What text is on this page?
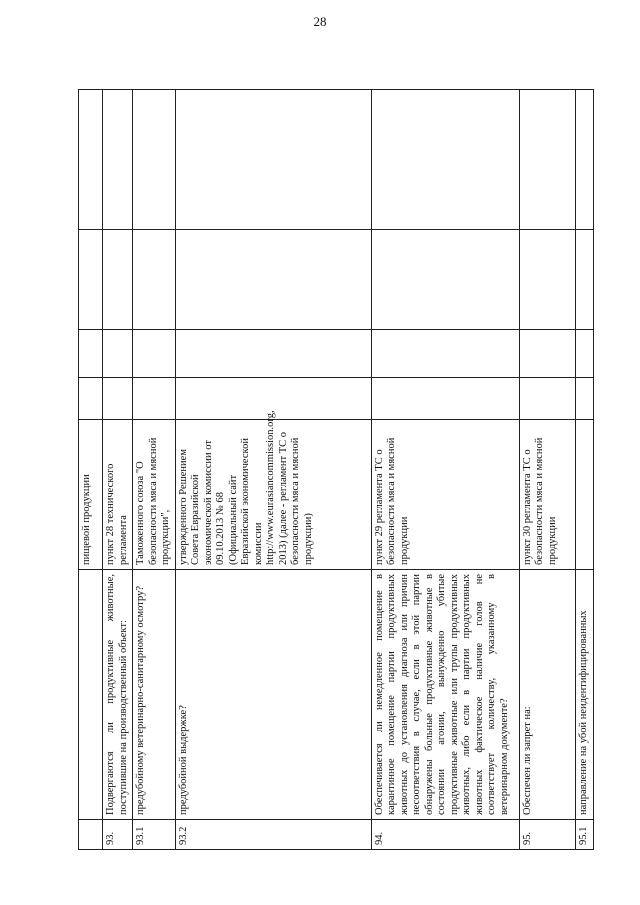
28
		пищевой продукции				
93.	Подвергаются ли продуктивные животные, поступившие на производственный объект:	пункт 28 технического регламента				
93.1	предубойному ветеринарно-санитарному осмотру?	Таможенного союза "О безопасности мяса и мясной продукции",				
93.2	предубойной выдержке?	утвержденного Решением Совета Евразийской экономической комиссии от 09.10.2013 № 68 (Официальный сайт Евразийской экономической комиссии http://www.eurasiancommission.org, 2013) (далее - регламент ТС о безопасности мяса и мясной продукции)				
94.	Обеспечивается ли немедленное помещение в карантинное помещение партии продуктивных животных до установления диагноза или причин несоответствия в случае, если в этой партии обнаружены больные продуктивные животные в состоянии агонии, вынужденно убитые продуктивные животные или трупы продуктивных животных, либо если в партии продуктивных животных фактическое наличие голов не соответствует количеству, указанному в ветеринарном документе?	пункт 29 регламента ТС о безопасности мяса и мясной продукции				
95.	Обеспечен ли запрет на:	пункт 30 регламента ТС о безопасности мяса и мясной продукции				
95.1	направление на убой неидентифицированных					
